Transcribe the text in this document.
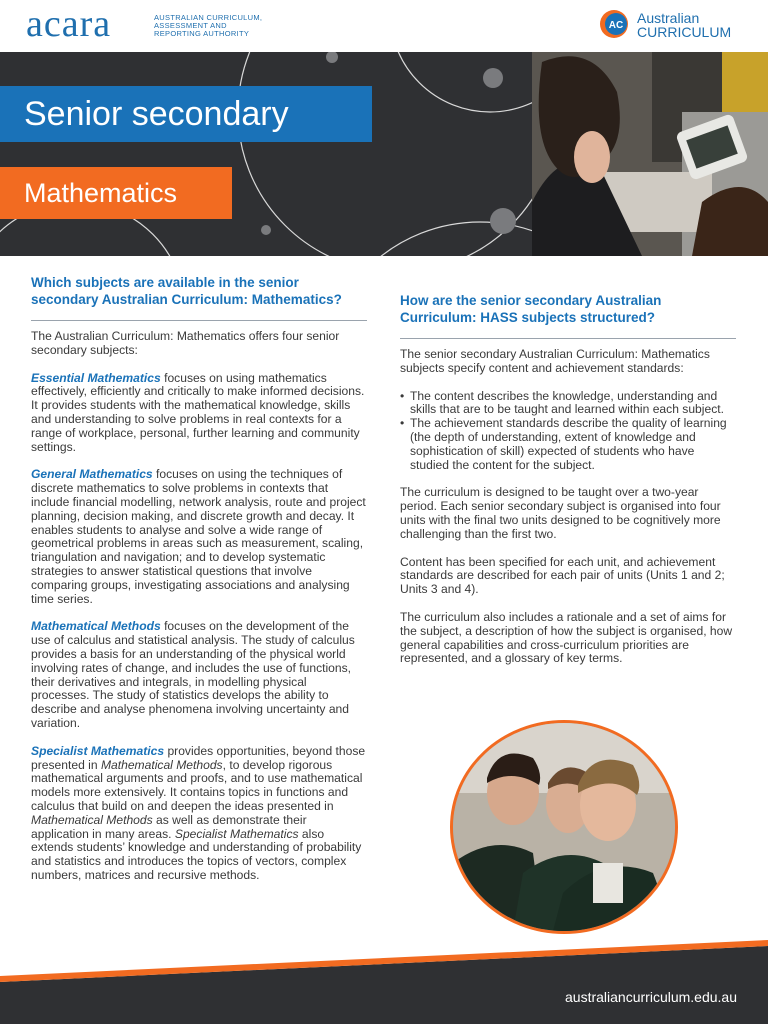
acara	AUSTRALIAN CURRICULUM,
ASSESSMENT AND
REPORTING AUTHORITY
AC Australian
CURRICULUM
Senior secondary
Mathematics
Which subjects are available in the senior secondary Australian Curriculum: Mathematics?

The Australian Curriculum: Mathematics offers four senior secondary subjects:

Essential Mathematics focuses on using mathematics effectively, efficiently and critically to make informed decisions. It provides students with the mathematical knowledge, skills and understanding to solve problems in real contexts for a range of workplace, personal, further learning and community settings.

General Mathematics focuses on using the techniques of discrete mathematics to solve problems in contexts that include financial modelling, network analysis, route and project planning, decision making, and discrete growth and decay. It enables students to analyse and solve a wide range of geometrical problems in areas such as measurement, scaling, triangulation and navigation; and to develop systematic strategies to answer statistical questions that involve comparing groups, investigating associations and analysing time series.

Mathematical Methods focuses on the development of the use of calculus and statistical analysis. The study of calculus provides a basis for an understanding of the physical world involving rates of change, and includes the use of functions, their derivatives and integrals, in modelling physical processes. The study of statistics develops the ability to describe and analyse phenomena involving uncertainty and variation.

Specialist Mathematics provides opportunities, beyond those presented in Mathematical Methods, to develop rigorous mathematical arguments and proofs, and to use mathematical models more extensively. It contains topics in functions and calculus that build on and deepen the ideas presented in Mathematical Methods as well as demonstrate their application in many areas. Specialist Mathematics also extends students’ knowledge and understanding of probability and statistics and introduces the topics of vectors, complex numbers, matrices and recursive methods.

How are the senior secondary Australian Curriculum: HASS subjects structured?

The senior secondary Australian Curriculum: Mathematics subjects specify content and achievement standards:

• The content describes the knowledge, understanding and skills that are to be taught and learned within each subject.
• The achievement standards describe the quality of learning (the depth of understanding, extent of knowledge and sophistication of skill) expected of students who have studied the content for the subject.

The curriculum is designed to be taught over a two-year period. Each senior secondary subject is organised into four units with the final two units designed to be cognitively more challenging than the first two.

Content has been specified for each unit, and achievement standards are described for each pair of units (Units 1 and 2; Units 3 and 4).

The curriculum also includes a rationale and a set of aims for the subject, a description of how the subject is organised, how general capabilities and cross-curriculum priorities are represented, and a glossary of key terms.

australiancurriculum.edu.au
